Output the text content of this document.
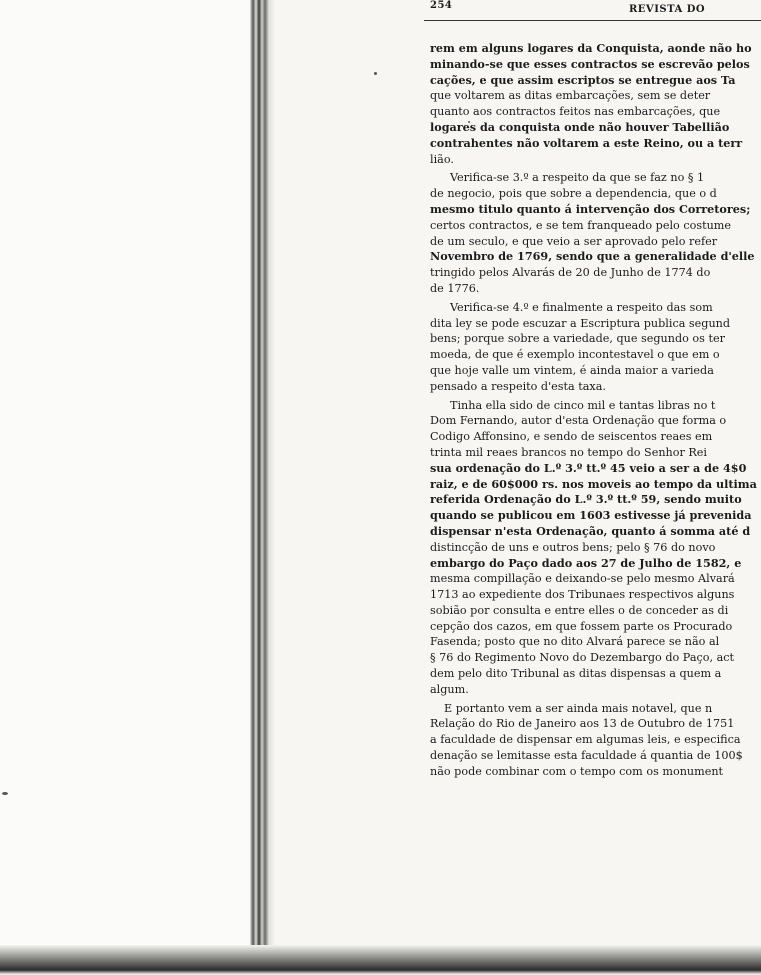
254	REVISTA DO
rem em alguns logares da Conquista, aonde não ho
minando-se que esses contractos se escrevão pelos
cações, e que assim escriptos se entregue aos Ta
que voltarem as ditas embarcações, sem se deter
quanto aos contractos feitos nas embarcações, que
logares da conquista onde não houver Tabellião
contrahentes não voltarem a este Reino, ou a terr
lião.
Verifica-se 3.º a respeito da que se faz no § 1
de negocio, pois que sobre a dependencia, que o d
mesmo titulo quanto á intervenção dos Corretores;
certos contractos, e se tem franqueado pelo costume
de um seculo, e que veio a ser aprovado pelo refer
Novembro de 1769, sendo que a generalidade d'elle
tringido pelos Alvarás de 20 de Junho de 1774 do
de 1776.
Verifica-se 4.º e finalmente a respeito das som
dita ley se pode escuzar a Escriptura publica segund
bens; porque sobre a variedade, que segundo os ter
moeda, de que é exemplo incontestavel o que em o
que hoje valle um vintem, é ainda maior a varieda
pensado a respeito d'esta taxa.
Tinha ella sido de cinco mil e tantas libras no t
Dom Fernando, autor d'esta Ordenação que forma o
Codigo Affonsino, e sendo de seiscentos reaes em
trinta mil reaes brancos no tempo do Senhor Rei
sua ordenação do L.º 3.º tt.º 45 veio a ser a de 4$0
raiz, e de 60$000 rs. nos moveis ao tempo da ultima
referida Ordenação do L.º 3.º tt.º 59, sendo muito
quando se publicou em 1603 estivesse já prevenida
dispensar n'esta Ordenação, quanto á somma até d
distincção de uns e outros bens; pelo § 76 do novo
embargo do Paço dado aos 27 de Julho de 1582, e
mesma compillação e deixando-se pelo mesmo Alvará
1713 ao expediente dos Tribunaes respectivos alguns
sobião por consulta e entre elles o de conceder as di
cepção dos cazos, em que fossem parte os Procurado
Fasenda; posto que no dito Alvará parece se não al
§ 76 do Regimento Novo do Dezembargo do Paço, act
dem pelo dito Tribunal as ditas dispensas a quem a
algum.
E portanto vem a ser ainda mais notavel, que n
Relação do Rio de Janeiro aos 13 de Outubro de 1751
a faculdade de dispensar em algumas leis, e especifica
denação se lemitasse esta faculdade á quantia de 100$
não pode combinar com o tempo com os monument
